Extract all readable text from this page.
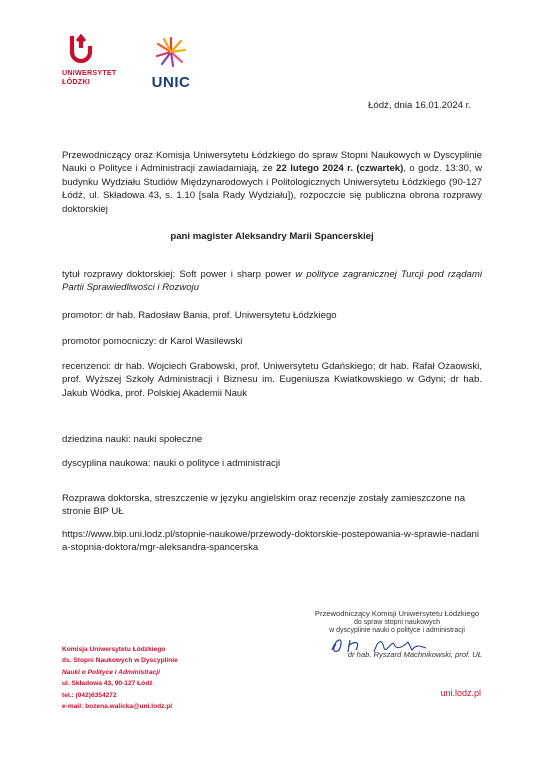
UNIWERSYTET
ŁÓDZKI	UNIC
Łódź, dnia 16.01.2024 r.
Przewodniczący oraz Komisja Uniwersytetu Łódzkiego do spraw Stopni Naukowych w Dyscyplinie Nauki o Polityce i Administracji zawiadamiają, że 22 lutego 2024 r. (czwartek), o godz. 13:30, w budynku Wydziału Studiów Międzynarodowych i Politologicznych Uniwersytetu Łódzkiego (90-127 Łódź, ul. Składowa 43, s. 1.10 [sala Rady Wydziału]), rozpoczcie się publiczna obrona rozprawy doktorskiej
pani magister Aleksandry Marii Spancerskiej
tytuł rozprawy doktorskiej: Soft power i sharp power w polityce zagranicznej Turcji pod rządami Partii Sprawiedliwości i Rozwoju
promotor: dr hab. Radosław Bania, prof. Uniwersytetu Łódzkiego
promotor pomocniczy: dr Karol Wasilewski
recenzenci: dr hab. Wojciech Grabowski, prof. Uniwersytetu Gdańskiego; dr hab. Rafał Ożaowski, prof. Wyższej Szkoły Administracji i Biznesu im. Eugeniusza Kwiatkowskiego w Gdyni; dr hab. Jakub Wódka, prof. Polskiej Akademii Nauk
dziedzina nauki: nauki społeczne
dyscyplina naukowa: nauki o polityce i administracji
Rozprawa doktorska, streszczenie w języku angielskim oraz recenzje zostały zamieszczone na stronie BIP UŁ
https://www.bip.uni.lodz.pl/stopnie-naukowe/przewody-doktorskie-postepowania-w-sprawie-nadania-stopnia-doktora/mgr-aleksandra-spancerska
Przewodniczący Komisji Uniwersytetu Łódzkiego
do spraw stopni naukowych
w dyscyplinie nauki o polityce i administracji
dr hab. Ryszard Machnikowski, prof. UŁ
Komisja Uniwersytetu Łódzkiego
ds. Stopni Naukowych w Dyscyplinie
Nauki o Polityce i Administracji
ul. Składowa 43, 90-127 Łódź
tel.: (042)6354272
e-mail: bozena.walicka@uni.lodz.pl
uni.lodz.pl
